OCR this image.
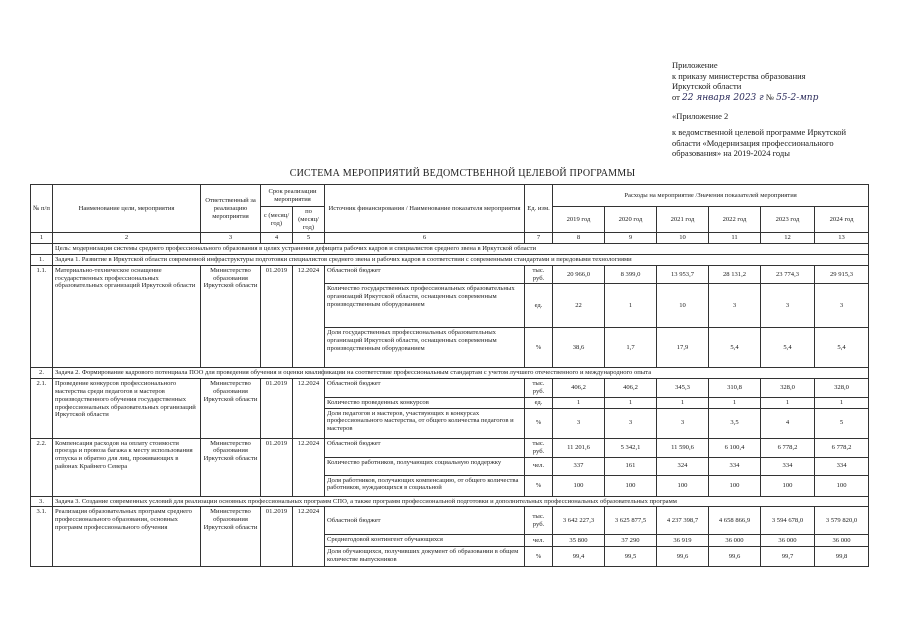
Приложение
к приказу министерства образования
Иркутской области
от 22 января 2023 г № 55-2-мпр
«Приложение 2
к ведомственной целевой программе Иркутской
области «Модернизация профессионального
образования» на 2019-2024 годы
СИСТЕМА МЕРОПРИЯТИЙ ВЕДОМСТВЕННОЙ ЦЕЛЕВОЙ ПРОГРАММЫ
№ п/п	Наименование цели, мероприятия	Ответственный за реализацию мероприятия	Срок реализации мероприятия		Источник финансирования / Наименование показателя мероприятия	Ед. изм.	Расходы на мероприятие /Значения показателей мероприятия					
			с (месяц/год)	по (месяц/год)			2019 год	2020 год	2021 год	2022 год	2023 год	2024 год
1	2	3	4	5	6	7	8	9	10	11	12	13
	Цель: модернизация системы среднего профессионального образования в целях устранения дефицита рабочих кадров и специалистов среднего звена в Иркутской области											
1.	Задача 1. Развитие в Иркутской области современной инфраструктуры подготовки специалистов среднего звена и рабочих кадров в соответствии с современными стандартами и передовыми технологиями											
1.1.	Материально-техническое оснащение государственных профессиональных образовательных организаций Иркутской области	Министерство образования Иркутской области	01.2019	12.2024	Областной бюджет	тыс. руб.	20 966,0	8 399,0	13 953,7	28 131,2	23 774,3	29 915,3
					Количество государственных профессиональных образовательных организаций Иркутской области, оснащенных современным производственным оборудованием	ед.	22	1	10	3	3	3
					Доля государственных профессиональных образовательных организаций Иркутской области, оснащенных современным производственным оборудованием	%	38,6	1,7	17,9	5,4	5,4	5,4
2.	Задача 2. Формирование кадрового потенциала ПОО для проведения обучения и оценки квалификации на соответствие профессиональным стандартам с учетом лучшего отечественного и международного опыта											
2.1.	Проведение конкурсов профессионального мастерства среди педагогов и мастеров производственного обучения государственных профессиональных образовательных организаций Иркутской области	Министерство образования Иркутской области	01.2019	12.2024	Областной бюджет	тыс. руб.	406,2	406,2	345,3	310,8	328,0	328,0
					Количество проведенных конкурсов	ед.	1	1	1	1	1	1
					Доля педагогов и мастеров, участвующих в конкурсах профессионального мастерства, от общего количества педагогов и мастеров	%	3	3	3	3,5	4	5
2.2.	Компенсация расходов на оплату стоимости проезда и провоза багажа к месту использования отпуска и обратно для лиц, проживающих в районах Крайнего Севера	Министерство образования Иркутской области	01.2019	12.2024	Областной бюджет	тыс. руб.	11 201,6	5 342,1	11 590,6	6 100,4	6 778,2	6 778,2
					Количество работников, получающих социальную поддержку	чел.	337	161	324	334	334	334
					Доля работников, получающих компенсацию, от общего количества работников, нуждающихся в социальной	%	100	100	100	100	100	100
3.	Задача 3. Создание современных условий для реализации основных профессиональных программ СПО, а также программ профессиональной подготовки и дополнительных профессиональных образовательных программ											
3.1.	Реализация образовательных программ среднего профессионального образования, основных программ профессионального обучения	Министерство образования Иркутской области	01.2019	12.2024	Областной бюджет	тыс. руб.	3 642 227,3	3 625 877,5	4 237 398,7	4 658 866,9	3 594 678,0	3 579 820,0
					Среднегодовой контингент обучающихся	чел.	35 800	37 290	36 919	36 000	36 000	36 000
					Доля обучающихся, получивших документ об образовании в общем количестве выпускников	%	99,4	99,5	99,6	99,6	99,7	99,8
